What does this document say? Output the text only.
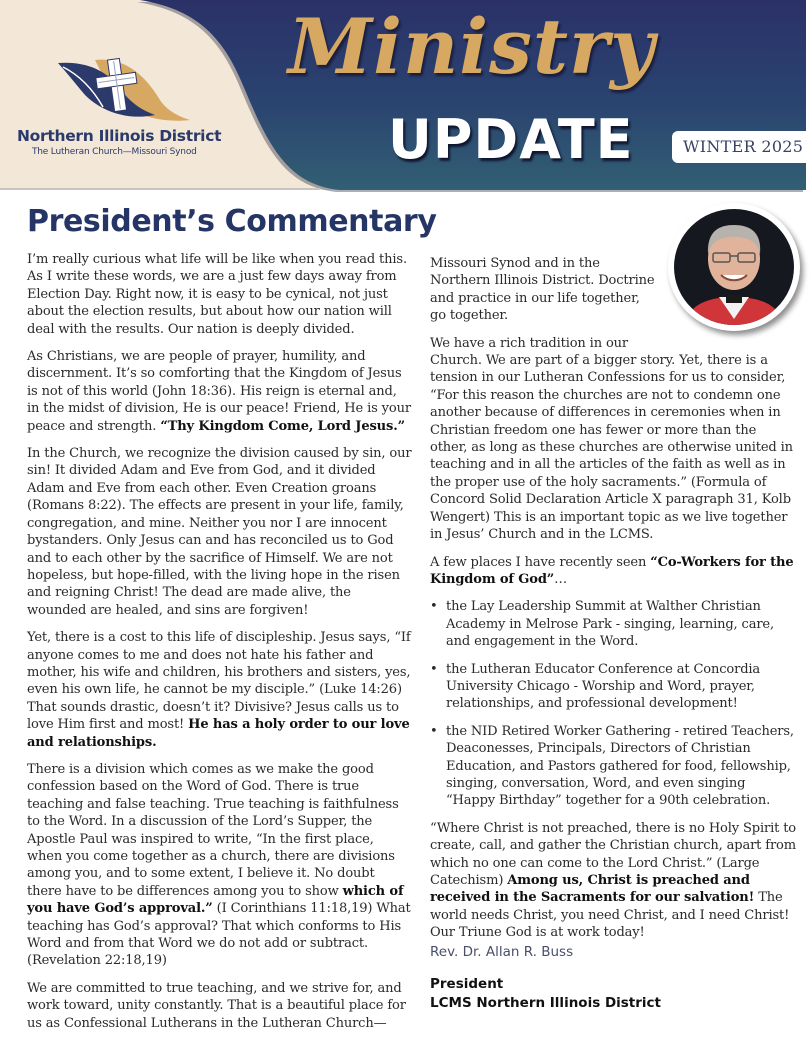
Northern Illinois District
The Lutheran Church—Missouri Synod
Ministry
UPDATE	WINTER 2025
President’s Commentary

I’m really curious what life will be like when you read this. As I write these words, we are a just few days away from Election Day. Right now, it is easy to be cynical, not just about the election results, but about how our nation will deal with the results. Our nation is deeply divided.

As Christians, we are people of prayer, humility, and discernment. It’s so comforting that the Kingdom of Jesus is not of this world (John 18:36). His reign is eternal and, in the midst of division, He is our peace! Friend, He is your peace and strength. “Thy Kingdom Come, Lord Jesus.”

In the Church, we recognize the division caused by sin, our sin! It divided Adam and Eve from God, and it divided Adam and Eve from each other. Even Creation groans (Romans 8:22). The effects are present in your life, family, congregation, and mine. Neither you nor I are innocent bystanders. Only Jesus can and has reconciled us to God and to each other by the sacrifice of Himself. We are not hopeless, but hope-filled, with the living hope in the risen and reigning Christ! The dead are made alive, the wounded are healed, and sins are forgiven!

Yet, there is a cost to this life of discipleship. Jesus says, “If anyone comes to me and does not hate his father and mother, his wife and children, his brothers and sisters, yes, even his own life, he cannot be my disciple.” (Luke 14:26) That sounds drastic, doesn’t it? Divisive? Jesus calls us to love Him first and most! He has a holy order to our love and relationships.

There is a division which comes as we make the good confession based on the Word of God. There is true teaching and false teaching. True teaching is faithfulness to the Word. In a discussion of the Lord’s Supper, the Apostle Paul was inspired to write, “In the first place, when you come together as a church, there are divisions among you, and to some extent, I believe it. No doubt there have to be differences among you to show which of you have God’s approval.” (I Corinthians 11:18,19) What teaching has God’s approval? That which conforms to His Word and from that Word we do not add or subtract. (Revelation 22:18,19)

We are committed to true teaching, and we strive for, and work toward, unity constantly. That is a beautiful place for us as Confessional Lutherans in the Lutheran Church—

Missouri Synod and in the Northern Illinois District. Doctrine and practice in our life together, go together.

We have a rich tradition in our
Church. We are part of a bigger story. Yet, there is a tension in our Lutheran Confessions for us to consider, “For this reason the churches are not to condemn one another because of differences in ceremonies when in Christian freedom one has fewer or more than the other, as long as these churches are otherwise united in teaching and in all the articles of the faith as well as in the proper use of the holy sacraments.” (Formula of Concord Solid Declaration Article X paragraph 31, Kolb Wengert) This is an important topic as we live together in Jesus’ Church and in the LCMS.

A few places I have recently seen “Co-Workers for the Kingdom of God”…

• the Lay Leadership Summit at Walther Christian Academy in Melrose Park - singing, learning, care, and engagement in the Word.
• the Lutheran Educator Conference at Concordia University Chicago - Worship and Word, prayer, relationships, and professional development!
• the NID Retired Worker Gathering - retired Teachers, Deaconesses, Principals, Directors of Christian Education, and Pastors gathered for food, fellowship, singing, conversation, Word, and even singing “Happy Birthday” together for a 90th celebration.

“Where Christ is not preached, there is no Holy Spirit to create, call, and gather the Christian church, apart from which no one can come to the Lord Christ.” (Large Catechism) Among us, Christ is preached and received in the Sacraments for our salvation! The world needs Christ, you need Christ, and I need Christ! Our Triune God is at work today!

Rev. Dr. Allan R. Buss
President
LCMS Northern Illinois District
